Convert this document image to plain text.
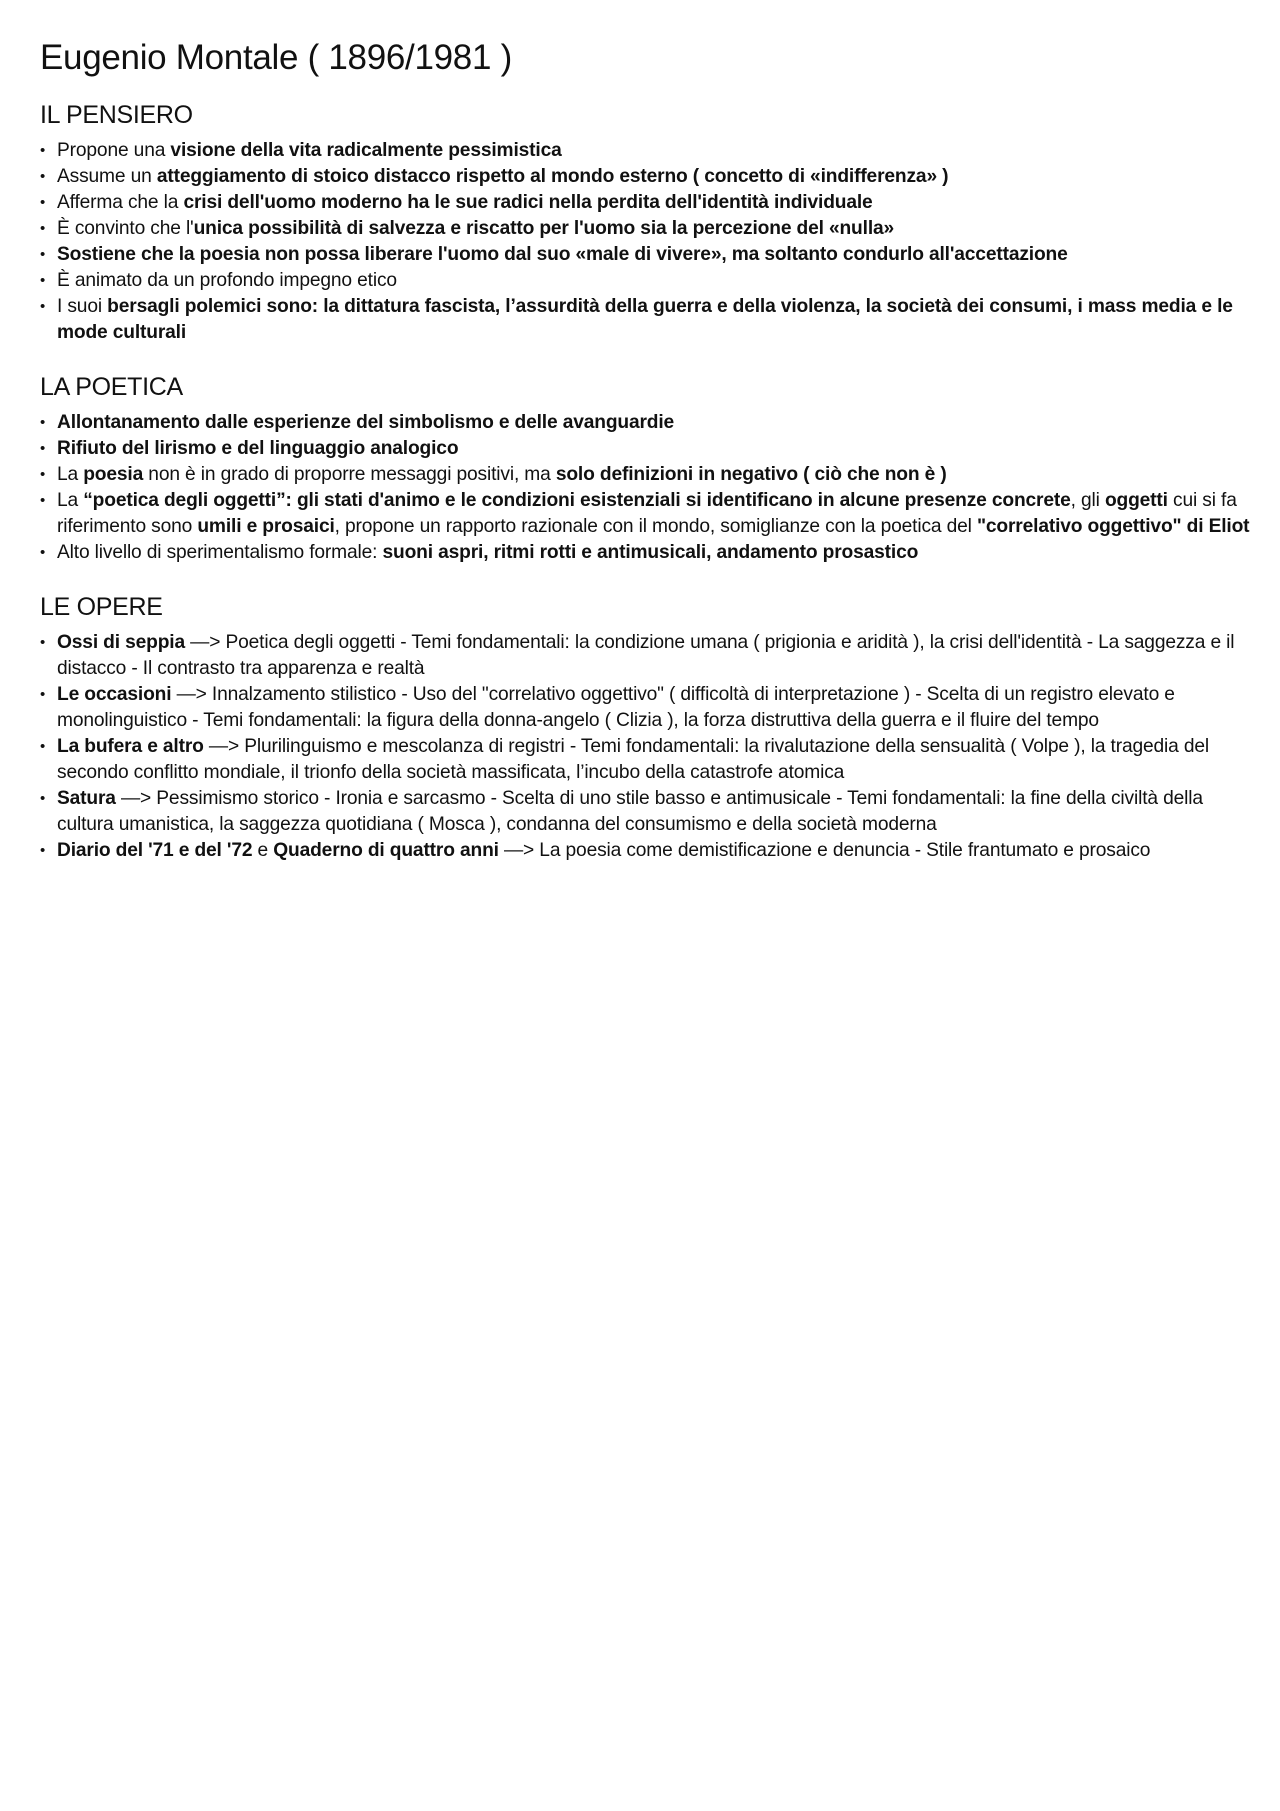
Eugenio Montale ( 1896/1981 )
IL PENSIERO
• Propone una visione della vita radicalmente pessimistica
• Assume un atteggiamento di stoico distacco rispetto al mondo esterno ( concetto di «indifferenza» )
• Afferma che la crisi dell'uomo moderno ha le sue radici nella perdita dell'identità individuale
• È convinto che l'unica possibilità di salvezza e riscatto per l'uomo sia la percezione del «nulla»
• Sostiene che la poesia non possa liberare l'uomo dal suo «male di vivere», ma soltanto condurlo all'accettazione
• È animato da un profondo impegno etico
• I suoi bersagli polemici sono: la dittatura fascista, l’assurdità della guerra e della violenza, la società dei consumi, i mass media e le mode culturali
LA POETICA
• Allontanamento dalle esperienze del simbolismo e delle avanguardie
• Rifiuto del lirismo e del linguaggio analogico
• La poesia non è in grado di proporre messaggi positivi, ma solo definizioni in negativo ( ciò che non è )
• La “poetica degli oggetti”: gli stati d'animo e le condizioni esistenziali si identificano in alcune presenze concrete, gli oggetti cui si fa riferimento sono umili e prosaici, propone un rapporto razionale con il mondo, somiglianze con la poetica del "correlativo oggettivo" di Eliot
• Alto livello di sperimentalismo formale: suoni aspri, ritmi rotti e antimusicali, andamento prosastico
LE OPERE
• Ossi di seppia —> Poetica degli oggetti - Temi fondamentali: la condizione umana ( prigionia e aridità ), la crisi dell'identità - La saggezza e il distacco - Il contrasto tra apparenza e realtà
• Le occasioni —> Innalzamento stilistico - Uso del "correlativo oggettivo" ( difficoltà di interpretazione ) - Scelta di un registro elevato e monolinguistico - Temi fondamentali: la figura della donna-angelo ( Clizia ), la forza distruttiva della guerra e il fluire del tempo
• La bufera e altro —> Plurilinguismo e mescolanza di registri - Temi fondamentali: la rivalutazione della sensualità ( Volpe ), la tragedia del secondo conflitto mondiale, il trionfo della società massificata, l’incubo della catastrofe atomica
• Satura —> Pessimismo storico - Ironia e sarcasmo - Scelta di uno stile basso e antimusicale - Temi fondamentali: la fine della civiltà della cultura umanistica, la saggezza quotidiana ( Mosca ), condanna del consumismo e della società moderna
• Diario del '71 e del '72 e Quaderno di quattro anni —> La poesia come demistificazione e denuncia - Stile frantumato e prosaico
